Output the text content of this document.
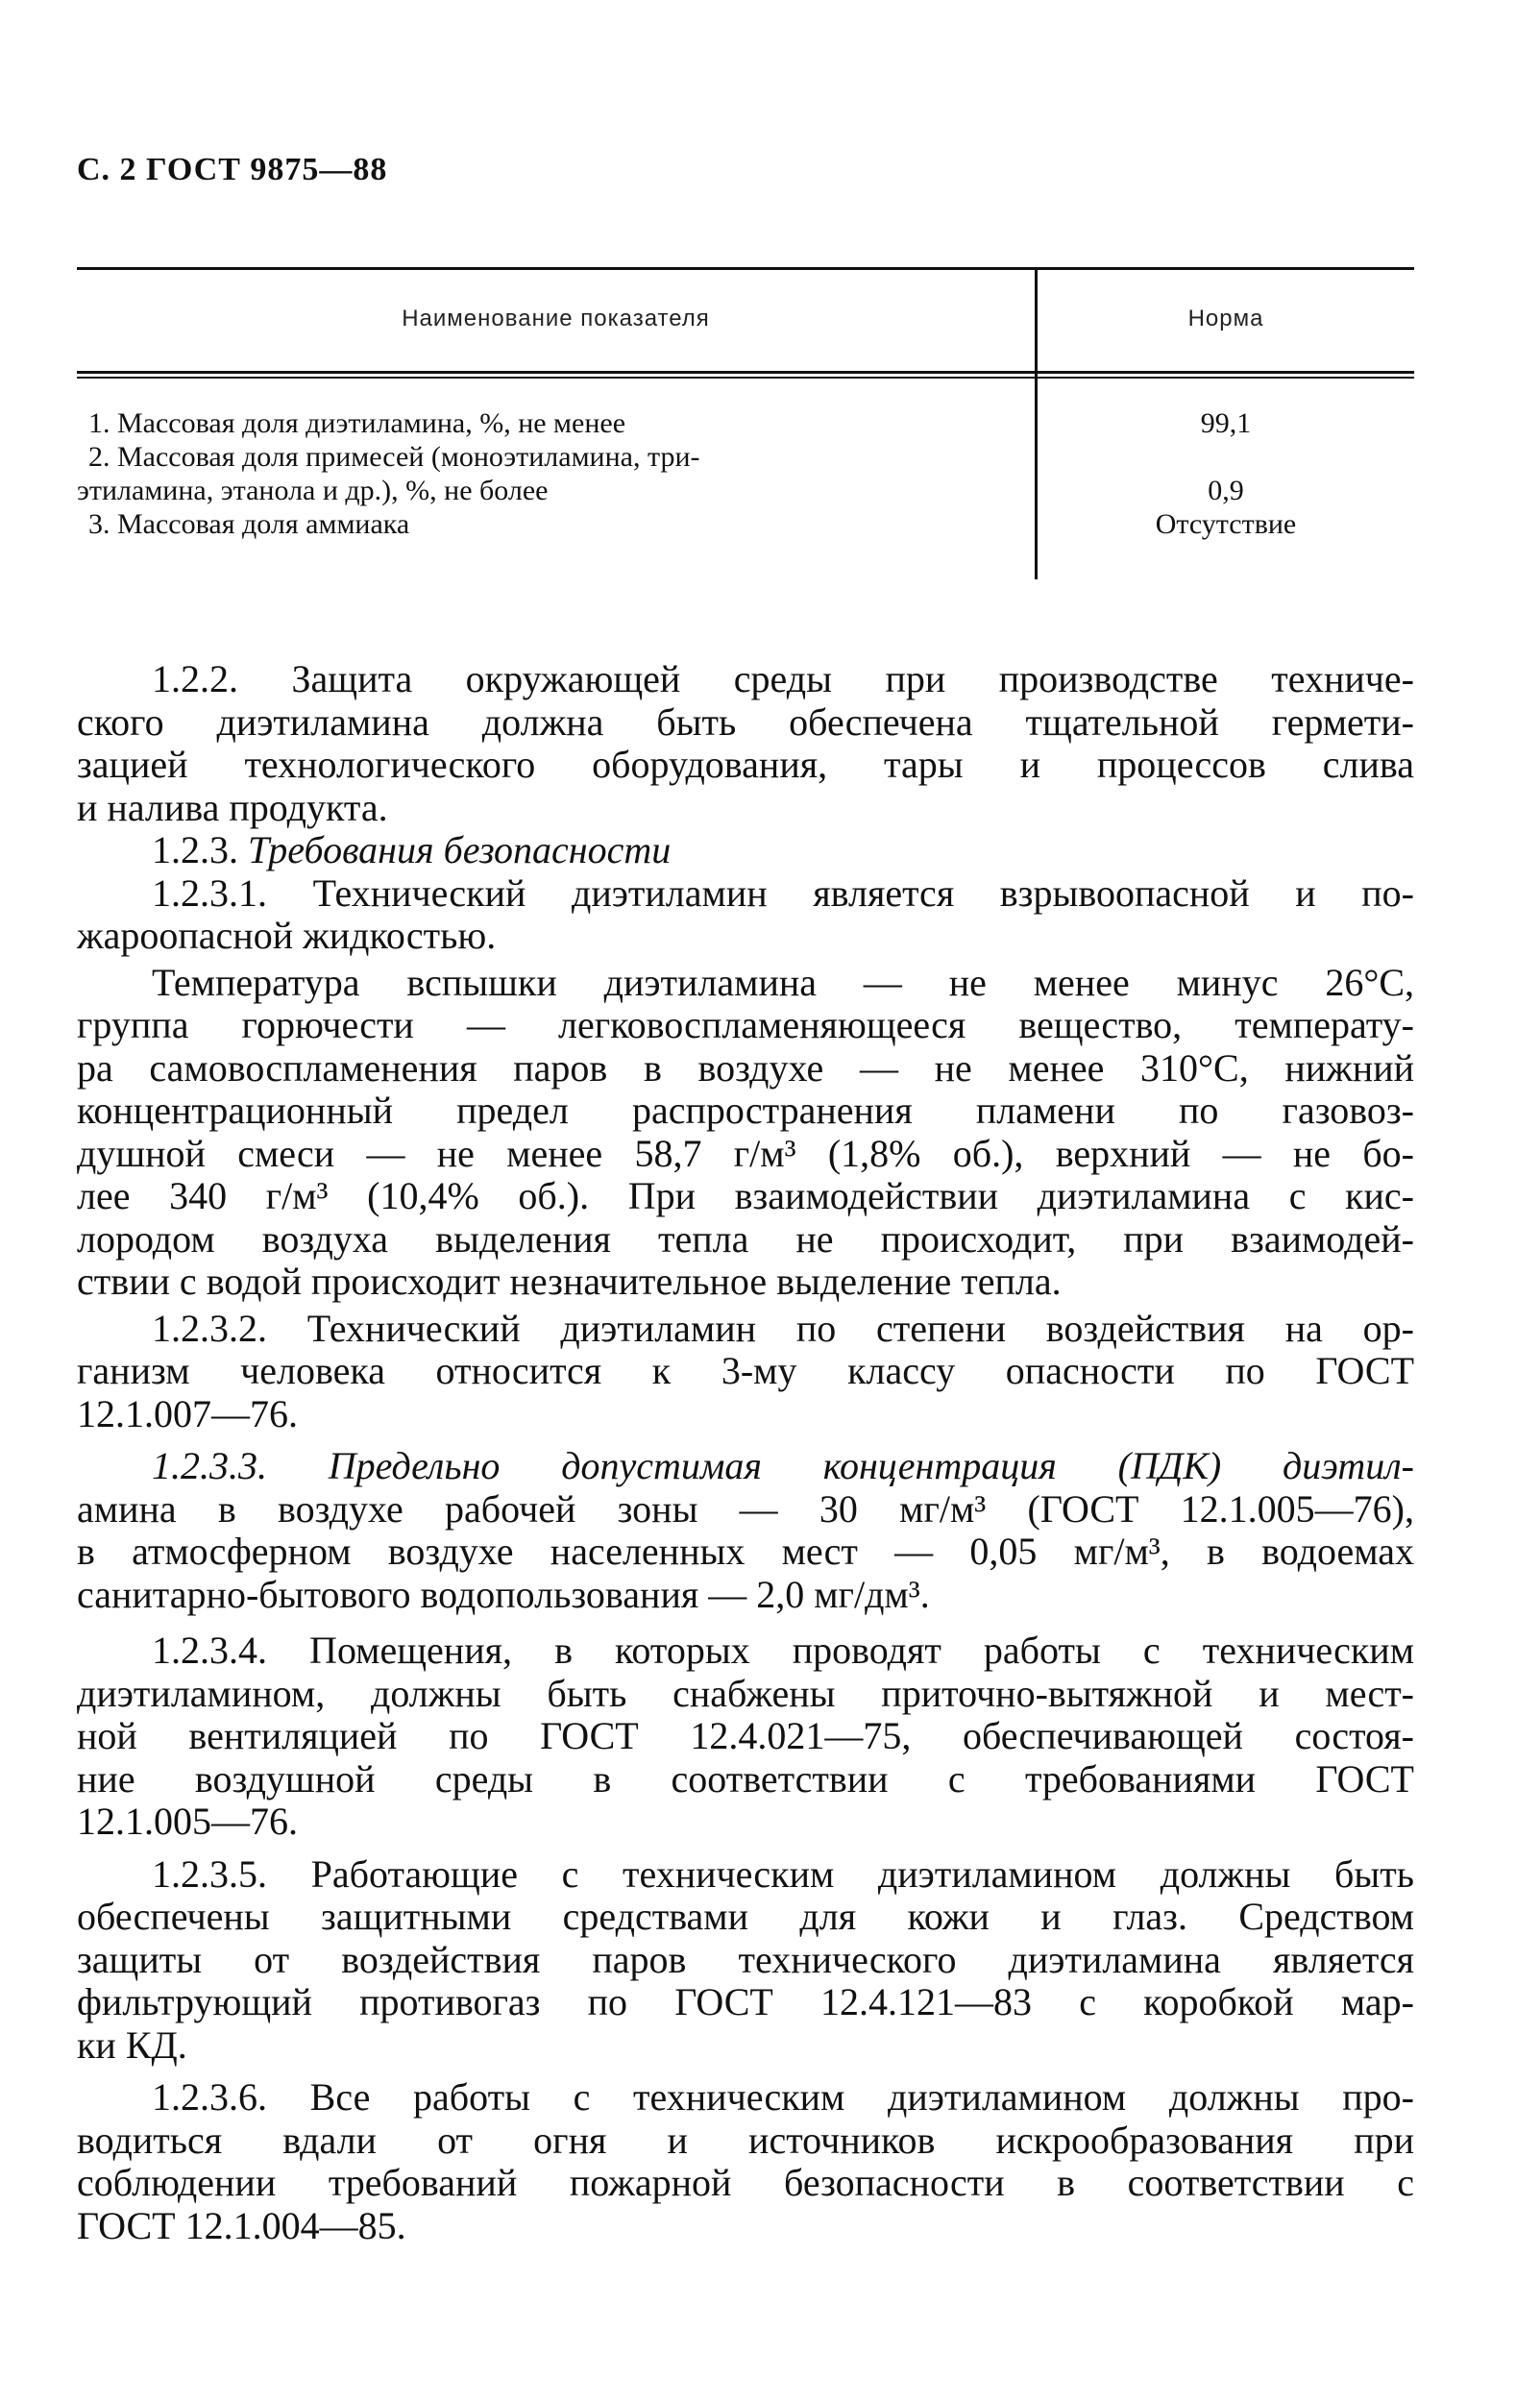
С. 2 ГОСТ 9875—88
Наименование показателя	Норма
1. Массовая доля диэтиламина, %, не менее
2. Массовая доля примесей (моноэтиламина, три-
этиламина, этанола и др.), %, не более
3. Массовая доля аммиака
99,1
0,9
Отсутствие

1.2.2. Защита окружающей среды при производстве техниче-
ского диэтиламина должна быть обеспечена тщательной гермети-
зацией технологического оборудования, тары и процессов слива
и налива продукта.

1.2.3. Требования безопасности

1.2.3.1. Технический диэтиламин является взрывоопасной и по-
жароопасной жидкостью.

Температура вспышки диэтиламина — не менее минус 26°С,
группа горючести — легковоспламеняющееся вещество, температу-
ра самовоспламенения паров в воздухе — не менее 310°С, нижний
концентрационный предел распространения пламени по газовоз-
душной смеси — не менее 58,7 г/м³ (1,8% об.), верхний — не бо-
лее 340 г/м³ (10,4% об.). При взаимодействии диэтиламина с кис-
лородом воздуха выделения тепла не происходит, при взаимодей-
ствии с водой происходит незначительное выделение тепла.

1.2.3.2. Технический диэтиламин по степени воздействия на ор-
ганизм человека относится к 3-му классу опасности по ГОСТ
12.1.007—76.

1.2.3.3. Предельно допустимая концентрация (ПДК) диэтил-
амина в воздухе рабочей зоны — 30 мг/м³ (ГОСТ 12.1.005—76),
в атмосферном воздухе населенных мест — 0,05 мг/м³, в водоемах
санитарно-бытового водопользования — 2,0 мг/дм³.

1.2.3.4. Помещения, в которых проводят работы с техническим
диэтиламином, должны быть снабжены приточно-вытяжной и мест-
ной вентиляцией по ГОСТ 12.4.021—75, обеспечивающей состоя-
ние воздушной среды в соответствии с требованиями ГОСТ
12.1.005—76.

1.2.3.5. Работающие с техническим диэтиламином должны быть
обеспечены защитными средствами для кожи и глаз. Средством
защиты от воздействия паров технического диэтиламина является
фильтрующий противогаз по ГОСТ 12.4.121—83 с коробкой мар-
ки КД.

1.2.3.6. Все работы с техническим диэтиламином должны про-
водиться вдали от огня и источников искрообразования при
соблюдении требований пожарной безопасности в соответствии с
ГОСТ 12.1.004—85.
